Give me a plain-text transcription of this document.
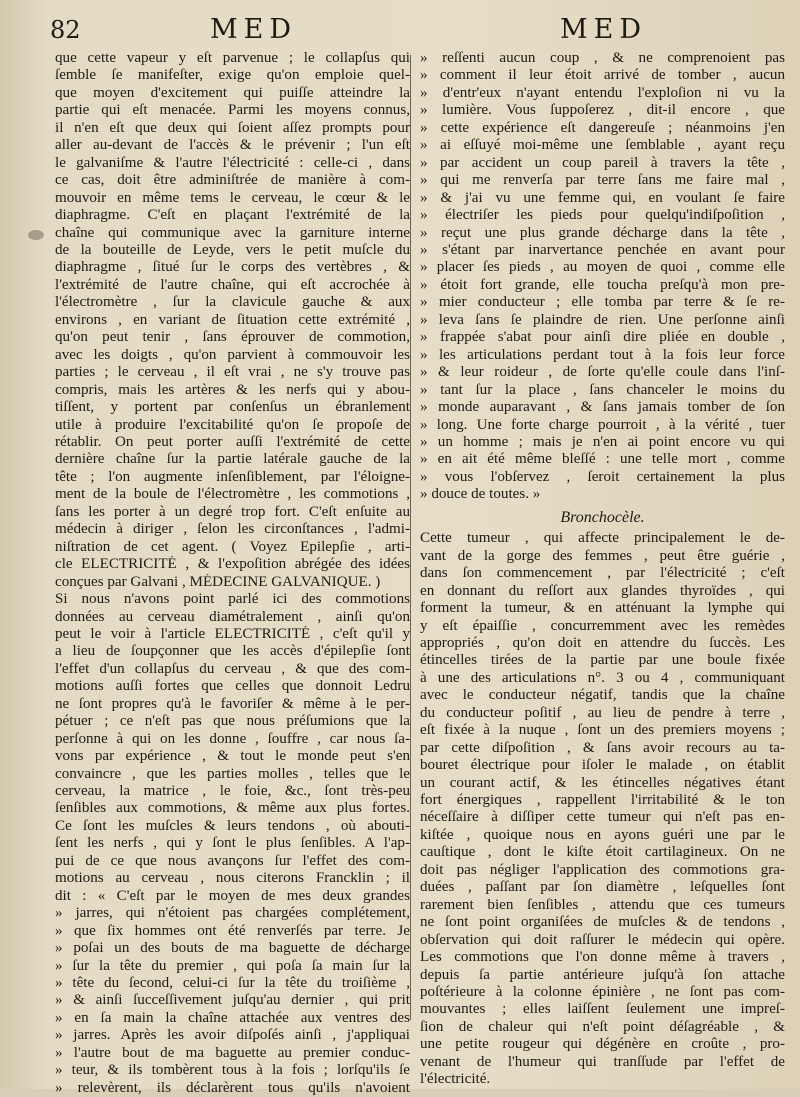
82	MED	MED
que cette vapeur y eſt parvenue ; le collapſus qui
ſemble ſe manifeſter, exige qu'on emploie quel-
que moyen d'excitement qui puiſſe atteindre la
partie qui eſt menacée. Parmi les moyens connus,
il n'en eſt que deux qui ſoient aſſez prompts pour
aller au-devant de l'accès & le prévenir ; l'un eſt
le galvaniſme & l'autre l'électricité : celle-ci , dans
ce cas, doit être adminiſtrée de manière à com-
mouvoir en même tems le cerveau, le cœur & le
diaphragme. C'eſt en plaçant l'extrémité de la
chaîne qui communique avec la garniture interne
de la bouteille de Leyde, vers le petit muſcle du
diaphragme , ſitué ſur le corps des vertèbres , &
l'extrémité de l'autre chaîne, qui eſt accrochée à
l'électromètre , ſur la clavicule gauche & aux
environs , en variant de ſituation cette extrémité ,
qu'on peut tenir , ſans éprouver de commotion,
avec les doigts , qu'on parvient à commouvoir les
parties ; le cerveau , il eſt vrai , ne s'y trouve pas
compris, mais les artères & les nerfs qui y abou-
tiſſent, y portent par conſenſus un ébranlement
utile à produire l'excitabilité qu'on ſe propoſe de
rétablir. On peut porter auſſi l'extrémité de cette
dernière chaîne ſur la partie latérale gauche de la
tête ; l'on augmente inſenſiblement, par l'éloigne-
ment de la boule de l'électromètre , les commotions ,
ſans les porter à un degré trop fort. C'eſt enſuite au
médecin à diriger , ſelon les circonſtances , l'admi-
niſtration de cet agent. ( Voyez Epilepſie , arti-
cle ELECTRICITÉ , & l'expoſition abrégée des idées
conçues par Galvani , MÉDECINE GALVANIQUE. )
Si nous n'avons point parlé ici des commotions
données au cerveau diamétralement , ainſi qu'on
peut le voir à l'article ELECTRICITÉ , c'eſt qu'il y
a lieu de ſoupçonner que les accès d'épilepſie ſont
l'effet d'un collapſus du cerveau , & que des com-
motions auſſi fortes que celles que donnoit Ledru
ne ſont propres qu'à le favoriſer & même à le per-
pétuer ; ce n'eſt pas que nous préſumions que la
perſonne à qui on les donne , ſouffre , car nous ſa-
vons par expérience , & tout le monde peut s'en
convaincre , que les parties molles , telles que le
cerveau, la matrice , le foie, &c., ſont très-peu
ſenſibles aux commotions, & même aux plus fortes.
Ce ſont les muſcles & leurs tendons , où abouti-
ſent les nerfs , qui y ſont le plus ſenſibles. A l'ap-
pui de ce que nous avançons ſur l'effet des com-
motions au cerveau , nous citerons Francklin ; il
dit : « C'eſt par le moyen de mes deux grandes
» jarres, qui n'étoient pas chargées complétement,
» que ſix hommes ont été renverſés par terre. Je
» poſai un des bouts de ma baguette de décharge
» ſur la tête du premier , qui poſa ſa main ſur la
» tête du ſecond, celui-ci ſur la tête du troiſième ,
» & ainſi ſucceſſivement juſqu'au dernier , qui prit
» en ſa main la chaîne attachée aux ventres des
» jarres. Après les avoir diſpoſés ainſi , j'appliquai
» l'autre bout de ma baguette au premier conduc-
» teur, & ils tombèrent tous à la fois ; lorſqu'ils ſe
» relevèrent, ils déclarèrent tous qu'ils n'avoient
» reſſenti aucun coup , & ne comprenoient pas
» comment il leur étoit arrivé de tomber , aucun
» d'entr'eux n'ayant entendu l'exploſion ni vu la
» lumière. Vous ſuppoſerez , dit-il encore , que
» cette expérience eſt dangereuſe ; néanmoins j'en
» ai eſſuyé moi-même une ſemblable , ayant reçu
» par accident un coup pareil à travers la tête ,
» qui me renverſa par terre ſans me faire mal ,
» & j'ai vu une femme qui, en voulant ſe faire
» électriſer les pieds pour quelqu'indiſpoſition ,
» reçut une plus grande décharge dans la tête ,
» s'étant par inarvertance penchée en avant pour
» placer ſes pieds , au moyen de quoi , comme elle
» étoit fort grande, elle toucha preſqu'à mon pre-
» mier conducteur ; elle tomba par terre & ſe re-
» leva ſans ſe plaindre de rien. Une perſonne ainſi
» frappée s'abat pour ainſi dire pliée en double ,
» les articulations perdant tout à la fois leur force
» & leur roideur , de ſorte qu'elle coule dans l'inſ-
» tant ſur la place , ſans chanceler le moins du
» monde auparavant , & ſans jamais tomber de ſon
» long. Une forte charge pourroit , à la vérité , tuer
» un homme ; mais je n'en ai point encore vu qui
» en ait été même bleſſé : une telle mort , comme
» vous l'obſervez , ſeroit certainement la plus
» douce de toutes. »
Bronchocèle.
Cette tumeur , qui affecte principalement le de-
vant de la gorge des femmes , peut être guérie ,
dans ſon commencement , par l'électricité ; c'eſt
en donnant du reſſort aux glandes thyroïdes , qui
forment la tumeur, & en atténuant la lymphe qui
y eſt épaiſſie , concurremment avec les remèdes
appropriés , qu'on doit en attendre du ſuccès. Les
étincelles tirées de la partie par une boule fixée
à une des articulations n°. 3 ou 4 , communiquant
avec le conducteur négatif, tandis que la chaîne
du conducteur poſitif , au lieu de pendre à terre ,
eſt fixée à la nuque , ſont un des premiers moyens ;
par cette diſpoſition , & ſans avoir recours au ta-
bouret électrique pour iſoler le malade , on établit
un courant actif, & les étincelles négatives étant
fort énergiques , rappellent l'irritabilité & le ton
néceſſaire à diſſiper cette tumeur qui n'eſt pas en-
kiſtée , quoique nous en ayons guéri une par le
cauſtique , dont le kiſte étoit cartilagineux. On ne
doit pas négliger l'application des commotions gra-
duées , paſſant par ſon diamètre , leſquelles ſont
rarement bien ſenſibles , attendu que ces tumeurs
ne ſont point organiſées de muſcles & de tendons ,
obſervation qui doit raſſurer le médecin qui opère.
Les commotions que l'on donne même à travers ,
depuis ſa partie antérieure juſqu'à ſon attache
poſtérieure à la colonne épinière , ne ſont pas com-
mouvantes ; elles laiſſent ſeulement une impreſ-
ſion de chaleur qui n'eſt point déſagréable , &
une petite rougeur qui dégénère en croûte , pro-
venant de l'humeur qui tranſſude par l'effet de
l'électricité.
